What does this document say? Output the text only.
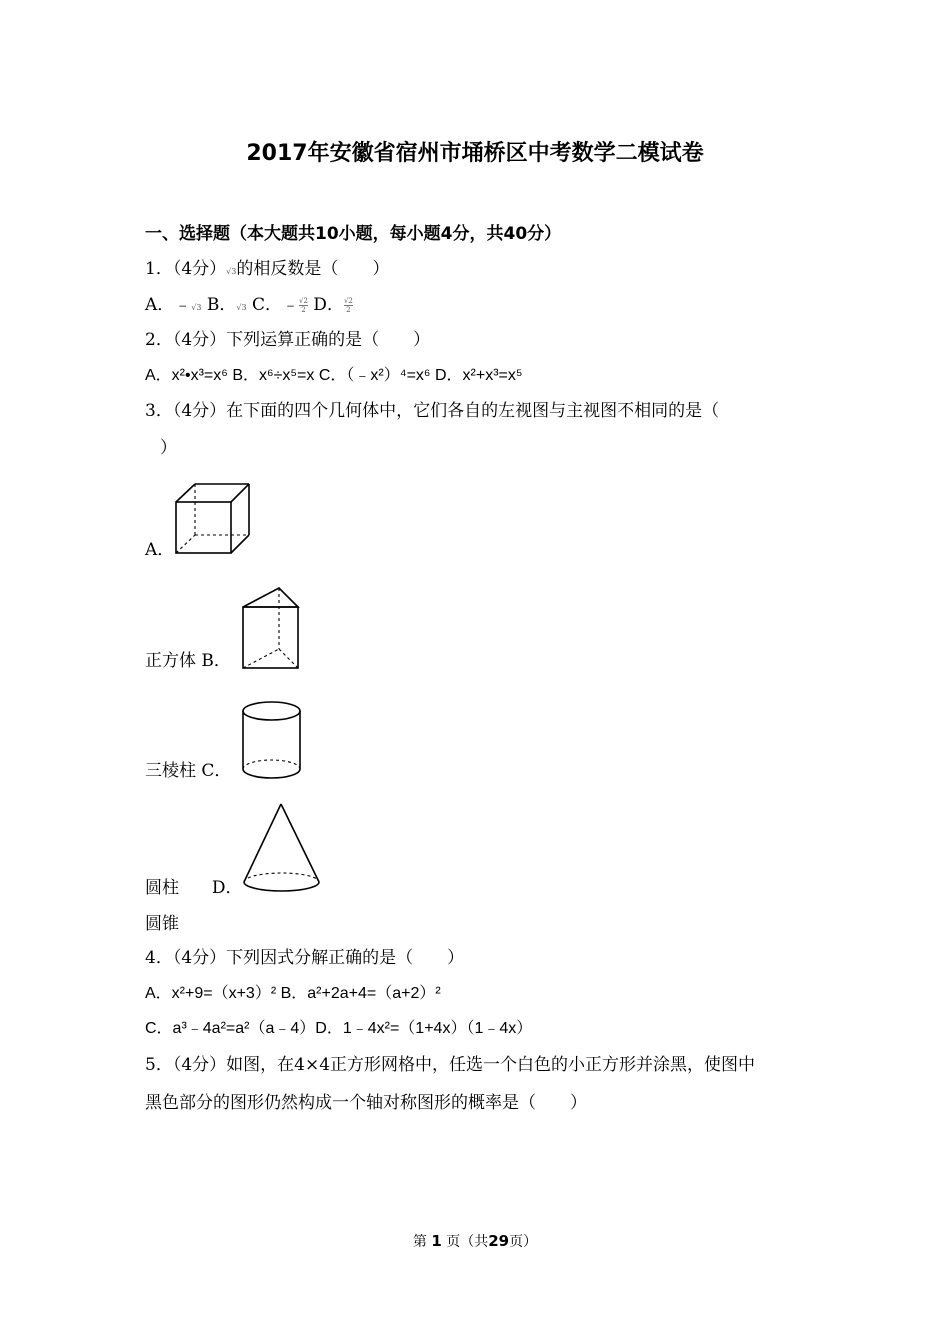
2017年安徽省宿州市埇桥区中考数学二模试卷
一、选择题（本大题共10小题，每小题4分，共40分）
1．（4分）√3的相反数是（　　）
A．﹣√3 B．√3 C．﹣ $\frac{√2}{2}$ D． $\frac{√2}{2}$
2．（4分）下列运算正确的是（　　）
A．x²•x³=x⁶ B．x⁶÷x⁵=x C．（﹣x²）⁴=x⁶ D．x²+x³=x⁵
3．（4分）在下面的四个几何体中，它们各自的左视图与主视图不相同的是（
）
A．
正方体 B．
三棱柱 C．
圆柱 D．
圆锥
4．（4分）下列因式分解正确的是（　　）
A．x²+9=（x+3）² B．a²+2a+4=（a+2）²
C．a³﹣4a²=a²（a﹣4）D．1﹣4x²=（1+4x）（1﹣4x）
5．（4分）如图，在4×4正方形网格中，任选一个白色的小正方形并涂黑，使图中
黑色部分的图形仍然构成一个轴对称图形的概率是（　　）
第 1 页（共29页）
